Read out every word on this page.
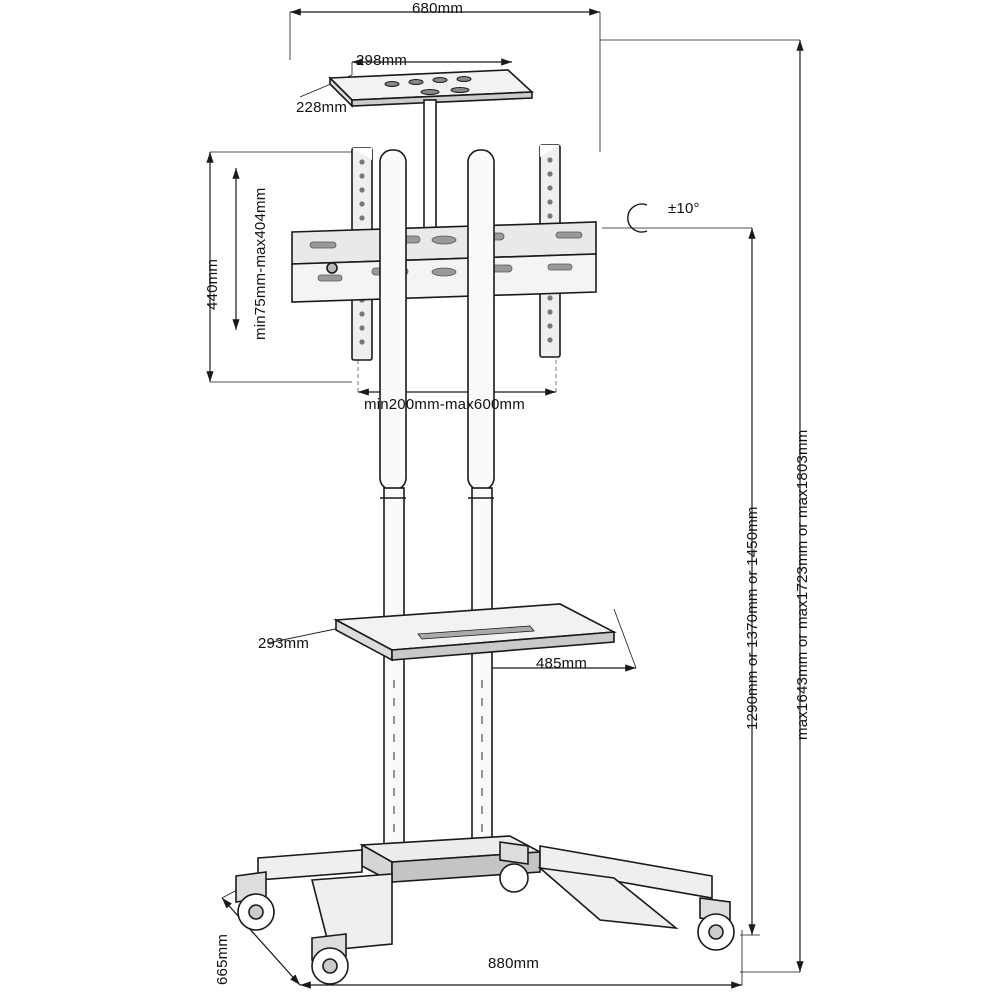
680mm
298mm
228mm
440mm min75mm-max404mm	±10°
min200mm-max600mm
293mm
485mm	1290mm or 1370mm or 1450mm max1643mm or max1723mm or max1803mm
665mm	880mm
